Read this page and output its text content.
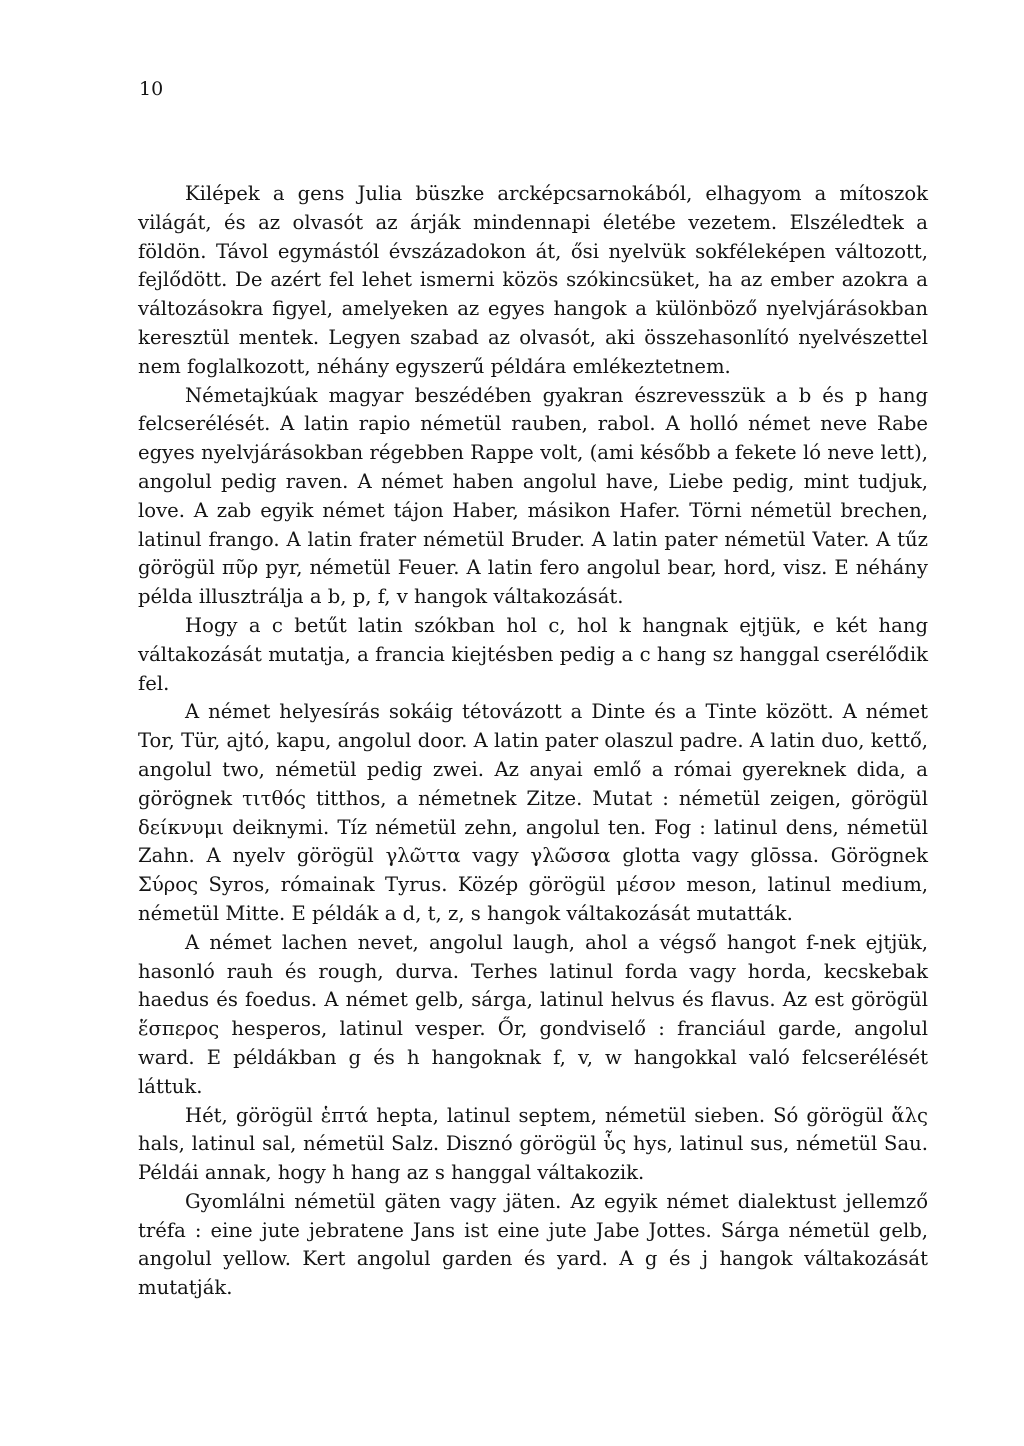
10

Kilépek a gens Julia büszke arcképcsarnokából, elhagyom a mítoszok világát, és az olvasót az árják mindennapi életébe vezetem. Elszéledtek a földön. Távol egymástól évszázadokon át, ősi nyelvük sokféleképen változott, fejlődött. De azért fel lehet ismerni közös szókincsüket, ha az ember azokra a változásokra figyel, amelyeken az egyes hangok a különböző nyelvjárásokban keresztül mentek. Legyen szabad az olvasót, aki összehasonlító nyelvészettel nem foglalkozott, néhány egyszerű példára emlékeztetnem.

Németajkúak magyar beszédében gyakran észrevesszük a b és p hang felcserélését. A latin rapio németül rauben, rabol. A holló német neve Rabe egyes nyelvjárásokban régebben Rappe volt, (ami később a fekete ló neve lett), angolul pedig raven. A német haben angolul have, Liebe pedig, mint tudjuk, love. A zab egyik német tájon Haber, másikon Hafer. Törni németül brechen, latinul frango. A latin frater németül Bruder. A latin pater németül Vater. A tűz görögül πῦρ pyr, németül Feuer. A latin fero angolul bear, hord, visz. E néhány példa illusztrálja a b, p, f, v hangok váltakozását.

Hogy a c betűt latin szókban hol c, hol k hangnak ejtjük, e két hang váltakozását mutatja, a francia kiejtésben pedig a c hang sz hanggal cserélődik fel.

A német helyesírás sokáig tétovázott a Dinte és a Tinte között. A német Tor, Tür, ajtó, kapu, angolul door. A latin pater olaszul padre. A latin duo, kettő, angolul two, németül pedig zwei. Az anyai emlő a római gyereknek dida, a görögnek τιτθός titthos, a németnek Zitze. Mutat : németül zeigen, görögül δείκνυμι deiknymi. Tíz németül zehn, angolul ten. Fog : latinul dens, németül Zahn. A nyelv görögül γλῶττα vagy γλῶσσα glotta vagy glōssa. Görögnek Σύρος Syros, rómainak Tyrus. Közép görögül μέσον meson, latinul medium, németül Mitte. E példák a d, t, z, s hangok váltakozását mutatták.

A német lachen nevet, angolul laugh, ahol a végső hangot f-nek ejtjük, hasonló rauh és rough, durva. Terhes latinul forda vagy horda, kecskebak haedus és foedus. A német gelb, sárga, latinul helvus és flavus. Az est görögül ἕσπερος hesperos, latinul vesper. Őr, gondviselő : franciául garde, angolul ward. E példákban g és h hangoknak f, v, w hangokkal való felcserélését láttuk.

Hét, görögül ἑπτά hepta, latinul septem, németül sieben. Só görögül ἅλς hals, latinul sal, németül Salz. Disznó görögül ὗς hys, latinul sus, németül Sau. Példái annak, hogy h hang az s hanggal váltakozik.

Gyomlálni németül gäten vagy jäten. Az egyik német dialektust jellemző tréfa : eine jute jebratene Jans ist eine jute Jabe Jottes. Sárga németül gelb, angolul yellow. Kert angolul garden és yard. A g és j hangok váltakozását mutatják.
